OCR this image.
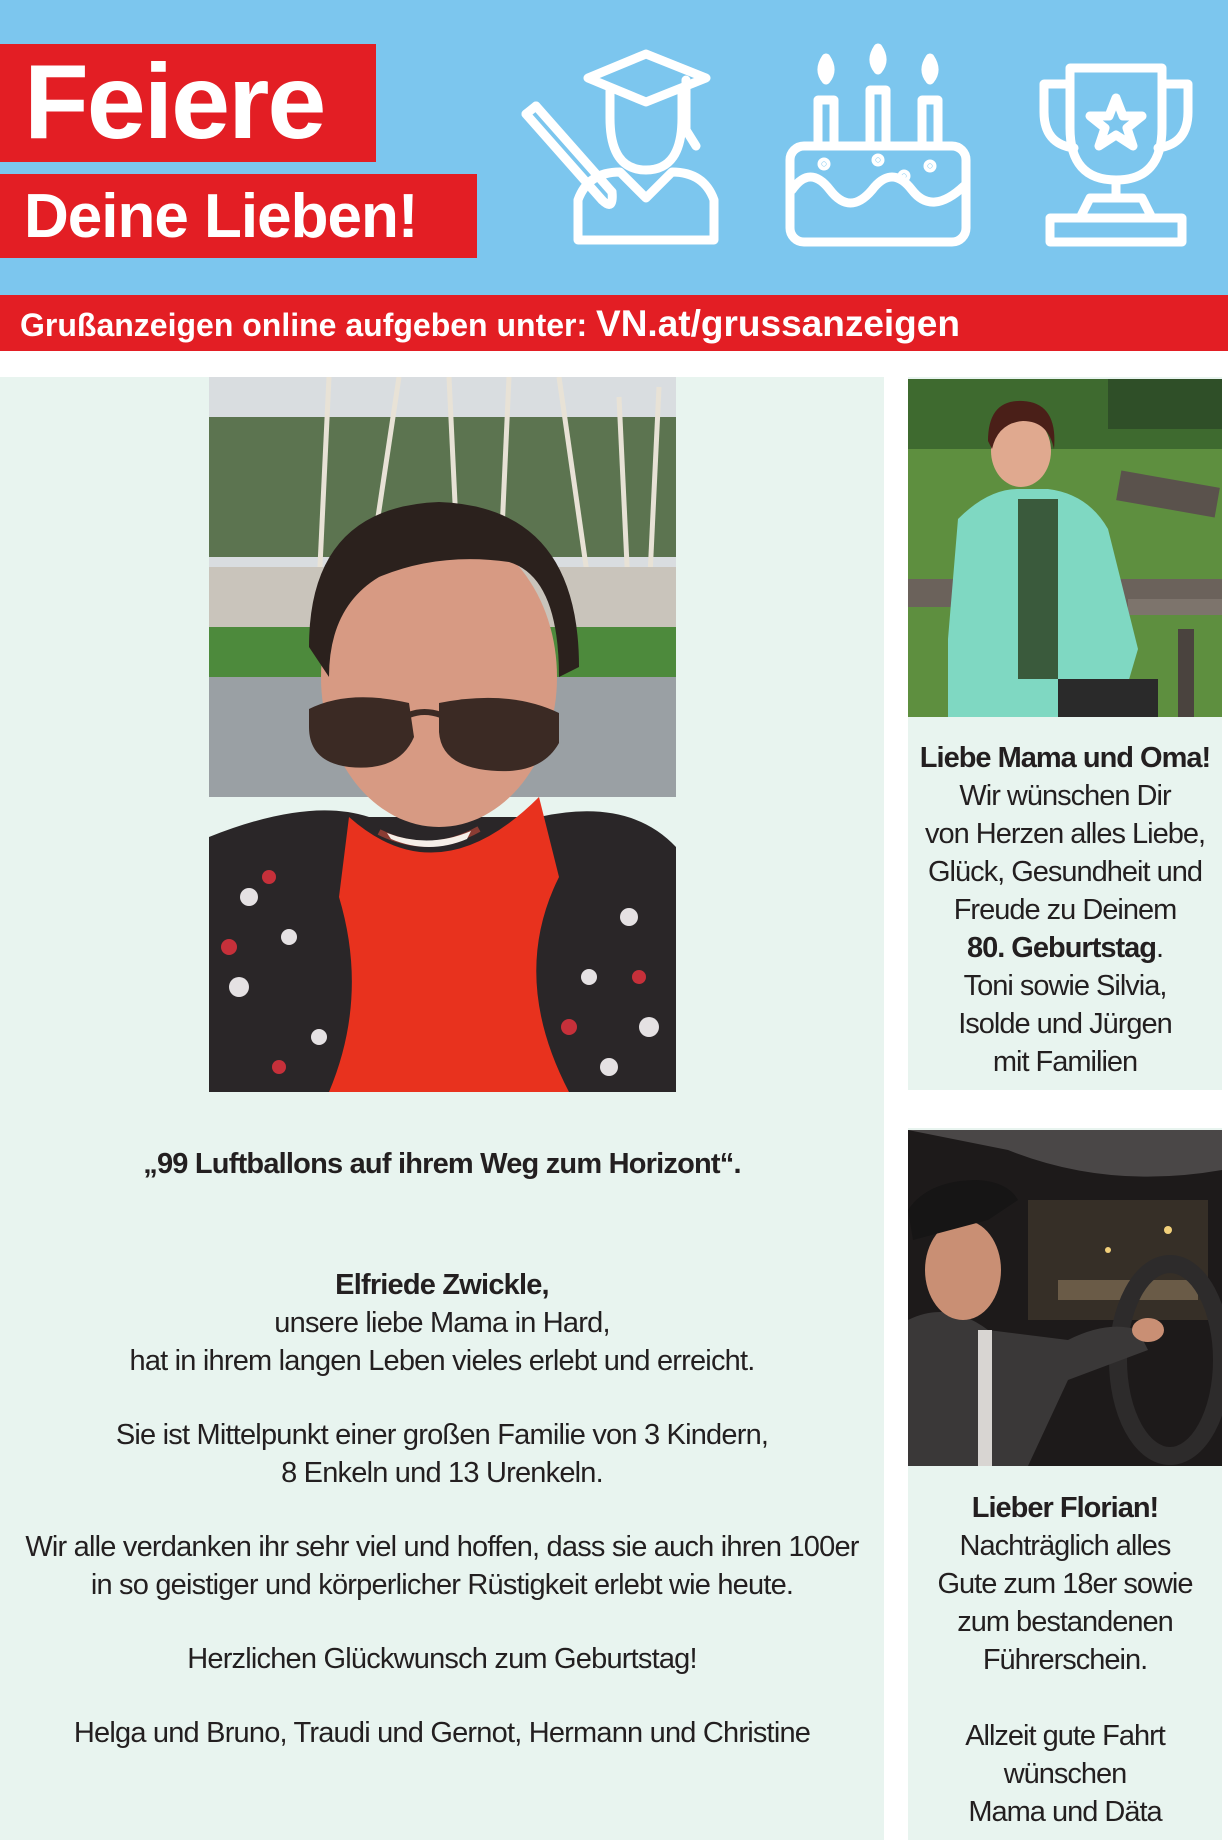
Feiere
Deine Lieben!
Grußanzeigen online aufgeben unter: VN.at/grussanzeigen
„99 Luftballons auf ihrem Weg zum Horizont“.
Elfriede Zwickle,
unsere liebe Mama in Hard,
hat in ihrem langen Leben vieles erlebt und erreicht.
Sie ist Mittelpunkt einer großen Familie von 3 Kindern,
8 Enkeln und 13 Urenkeln.
Wir alle verdanken ihr sehr viel und hoffen, dass sie auch ihren 100er
in so geistiger und körperlicher Rüstigkeit erlebt wie heute.
Herzlichen Glückwunsch zum Geburtstag!
Helga und Bruno, Traudi und Gernot, Hermann und Christine
Liebe Mama und Oma!
Wir wünschen Dir
von Herzen alles Liebe,
Glück, Gesundheit und
Freude zu Deinem
80. Geburtstag.
Toni sowie Silvia,
Isolde und Jürgen
mit Familien
Lieber Florian!
Nachträglich alles
Gute zum 18er sowie
zum bestandenen
Führerschein.
Allzeit gute Fahrt
wünschen
Mama und Däta
